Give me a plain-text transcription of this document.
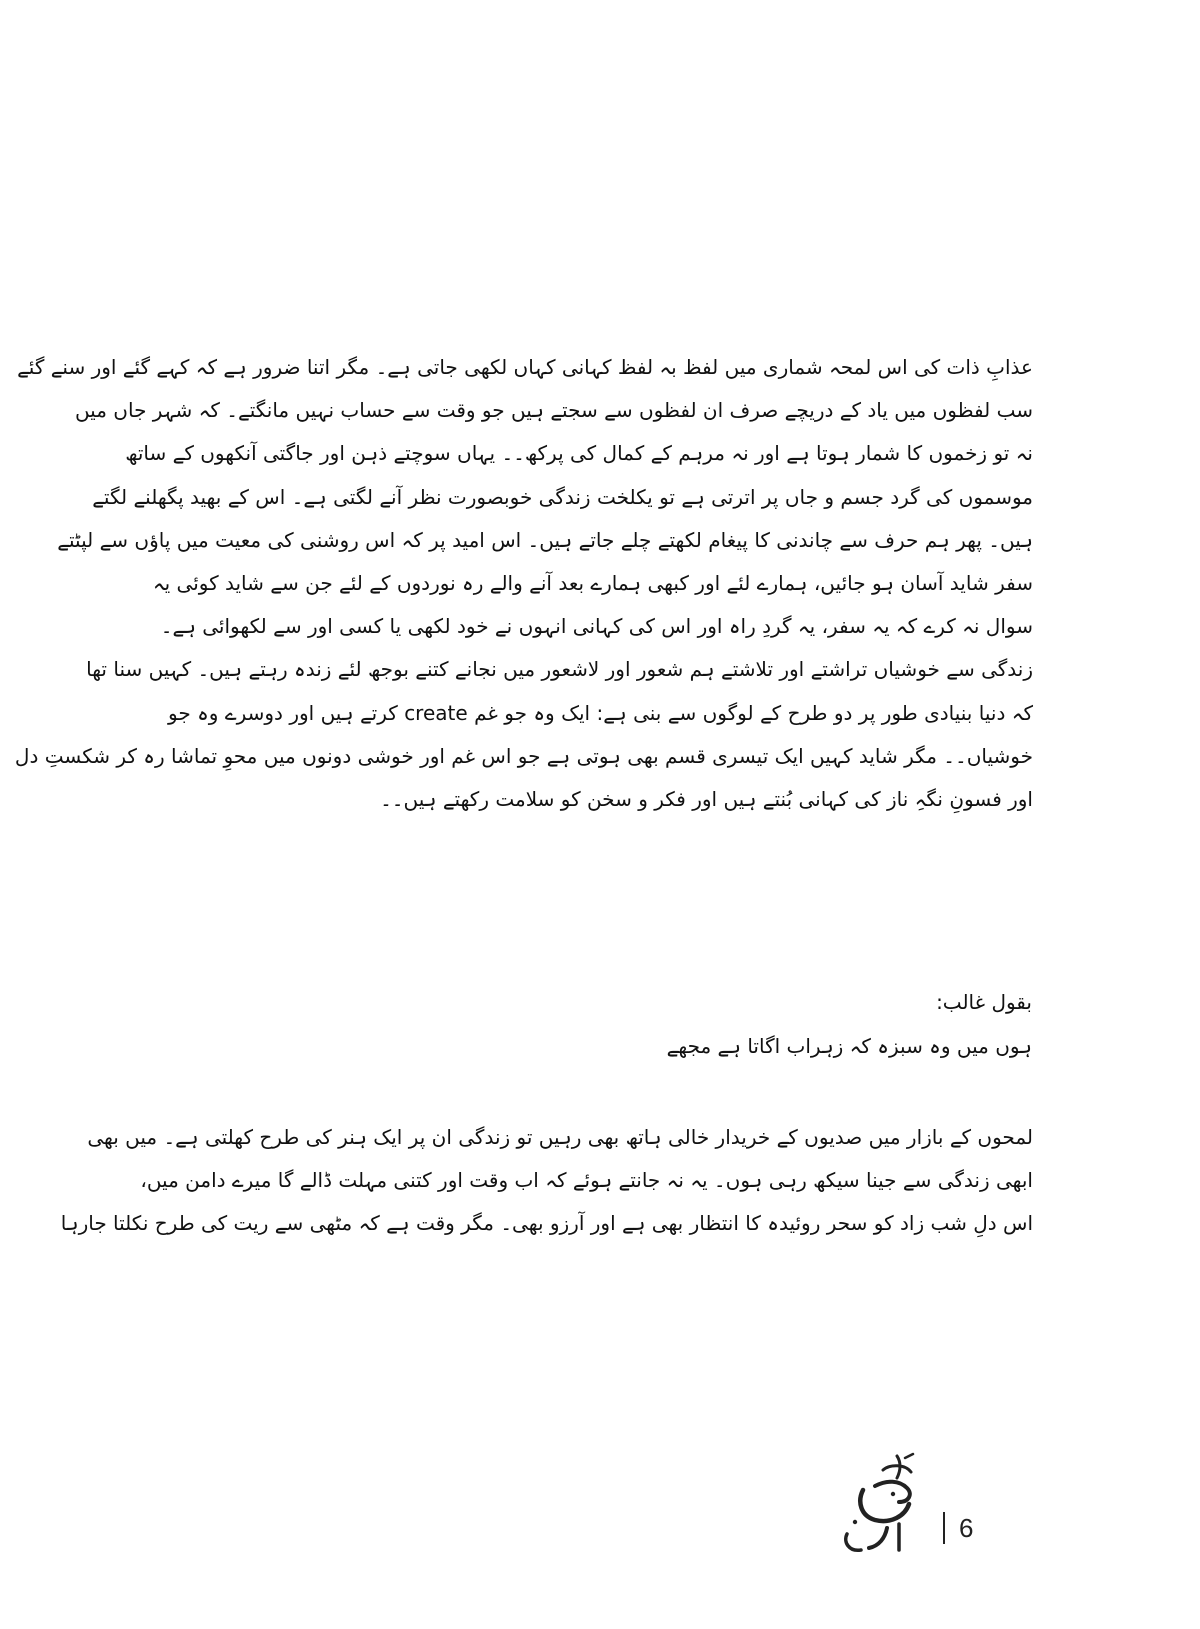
عذابِ ذات کی اس لمحہ شماری میں لفظ بہ لفظ کہانی کہاں لکھی جاتی ہے۔ مگر اتنا ضرور ہے کہ کہے گئے اور سنے گئے
سب لفظوں میں یاد کے دریچے صرف ان لفظوں سے سجتے ہیں جو وقت سے حساب نہیں مانگتے۔ کہ شہر جاں میں
نہ تو زخموں کا شمار ہوتا ہے اور نہ مرہم کے کمال کی پرکھ۔۔ یہاں سوچتے ذہن اور جاگتی آنکھوں کے ساتھ
موسموں کی گرد جسم و جاں پر اترتی ہے تو یکلخت زندگی خوبصورت نظر آنے لگتی ہے۔ اس کے بھید پگھلنے لگتے
ہیں۔ پھر ہم حرف سے چاندنی کا پیغام لکھتے چلے جاتے ہیں۔ اس امید پر کہ اس روشنی کی معیت میں پاؤں سے لپٹتے
سفر شاید آسان ہو جائیں، ہمارے لئے اور کبھی ہمارے بعد آنے والے رہ نوردوں کے لئے جن سے شاید کوئی یہ
سوال نہ کرے کہ یہ سفر، یہ گردِ راہ اور اس کی کہانی انہوں نے خود لکھی یا کسی اور سے لکھوائی ہے۔
زندگی سے خوشیاں تراشتے اور تلاشتے ہم شعور اور لاشعور میں نجانے کتنے بوجھ لئے زندہ رہتے ہیں۔ کہیں سنا تھا
کہ دنیا بنیادی طور پر دو طرح کے لوگوں سے بنی ہے: ایک وہ جو غم create کرتے ہیں اور دوسرے وہ جو
خوشیاں۔۔ مگر شاید کہیں ایک تیسری قسم بھی ہوتی ہے جو اس غم اور خوشی دونوں میں محوِ تماشا رہ کر شکستِ دل
اور فسونِ نگہِ ناز کی کہانی بُنتے ہیں اور فکر و سخن کو سلامت رکھتے ہیں۔۔
بقول غالب:
ہوں میں وہ سبزہ کہ زہراب اگاتا ہے مجھے
لمحوں کے بازار میں صدیوں کے خریدار خالی ہاتھ بھی رہیں تو زندگی ان پر ایک ہنر کی طرح کھلتی ہے۔ میں بھی
ابھی زندگی سے جینا سیکھ رہی ہوں۔ یہ نہ جانتے ہوئے کہ اب وقت اور کتنی مہلت ڈالے گا میرے دامن میں،
اس دلِ شب زاد کو سحر روئیدہ کا انتظار بھی ہے اور آرزو بھی۔ مگر وقت ہے کہ مٹھی سے ریت کی طرح نکلتا جارہا
اک سخن اور
6
